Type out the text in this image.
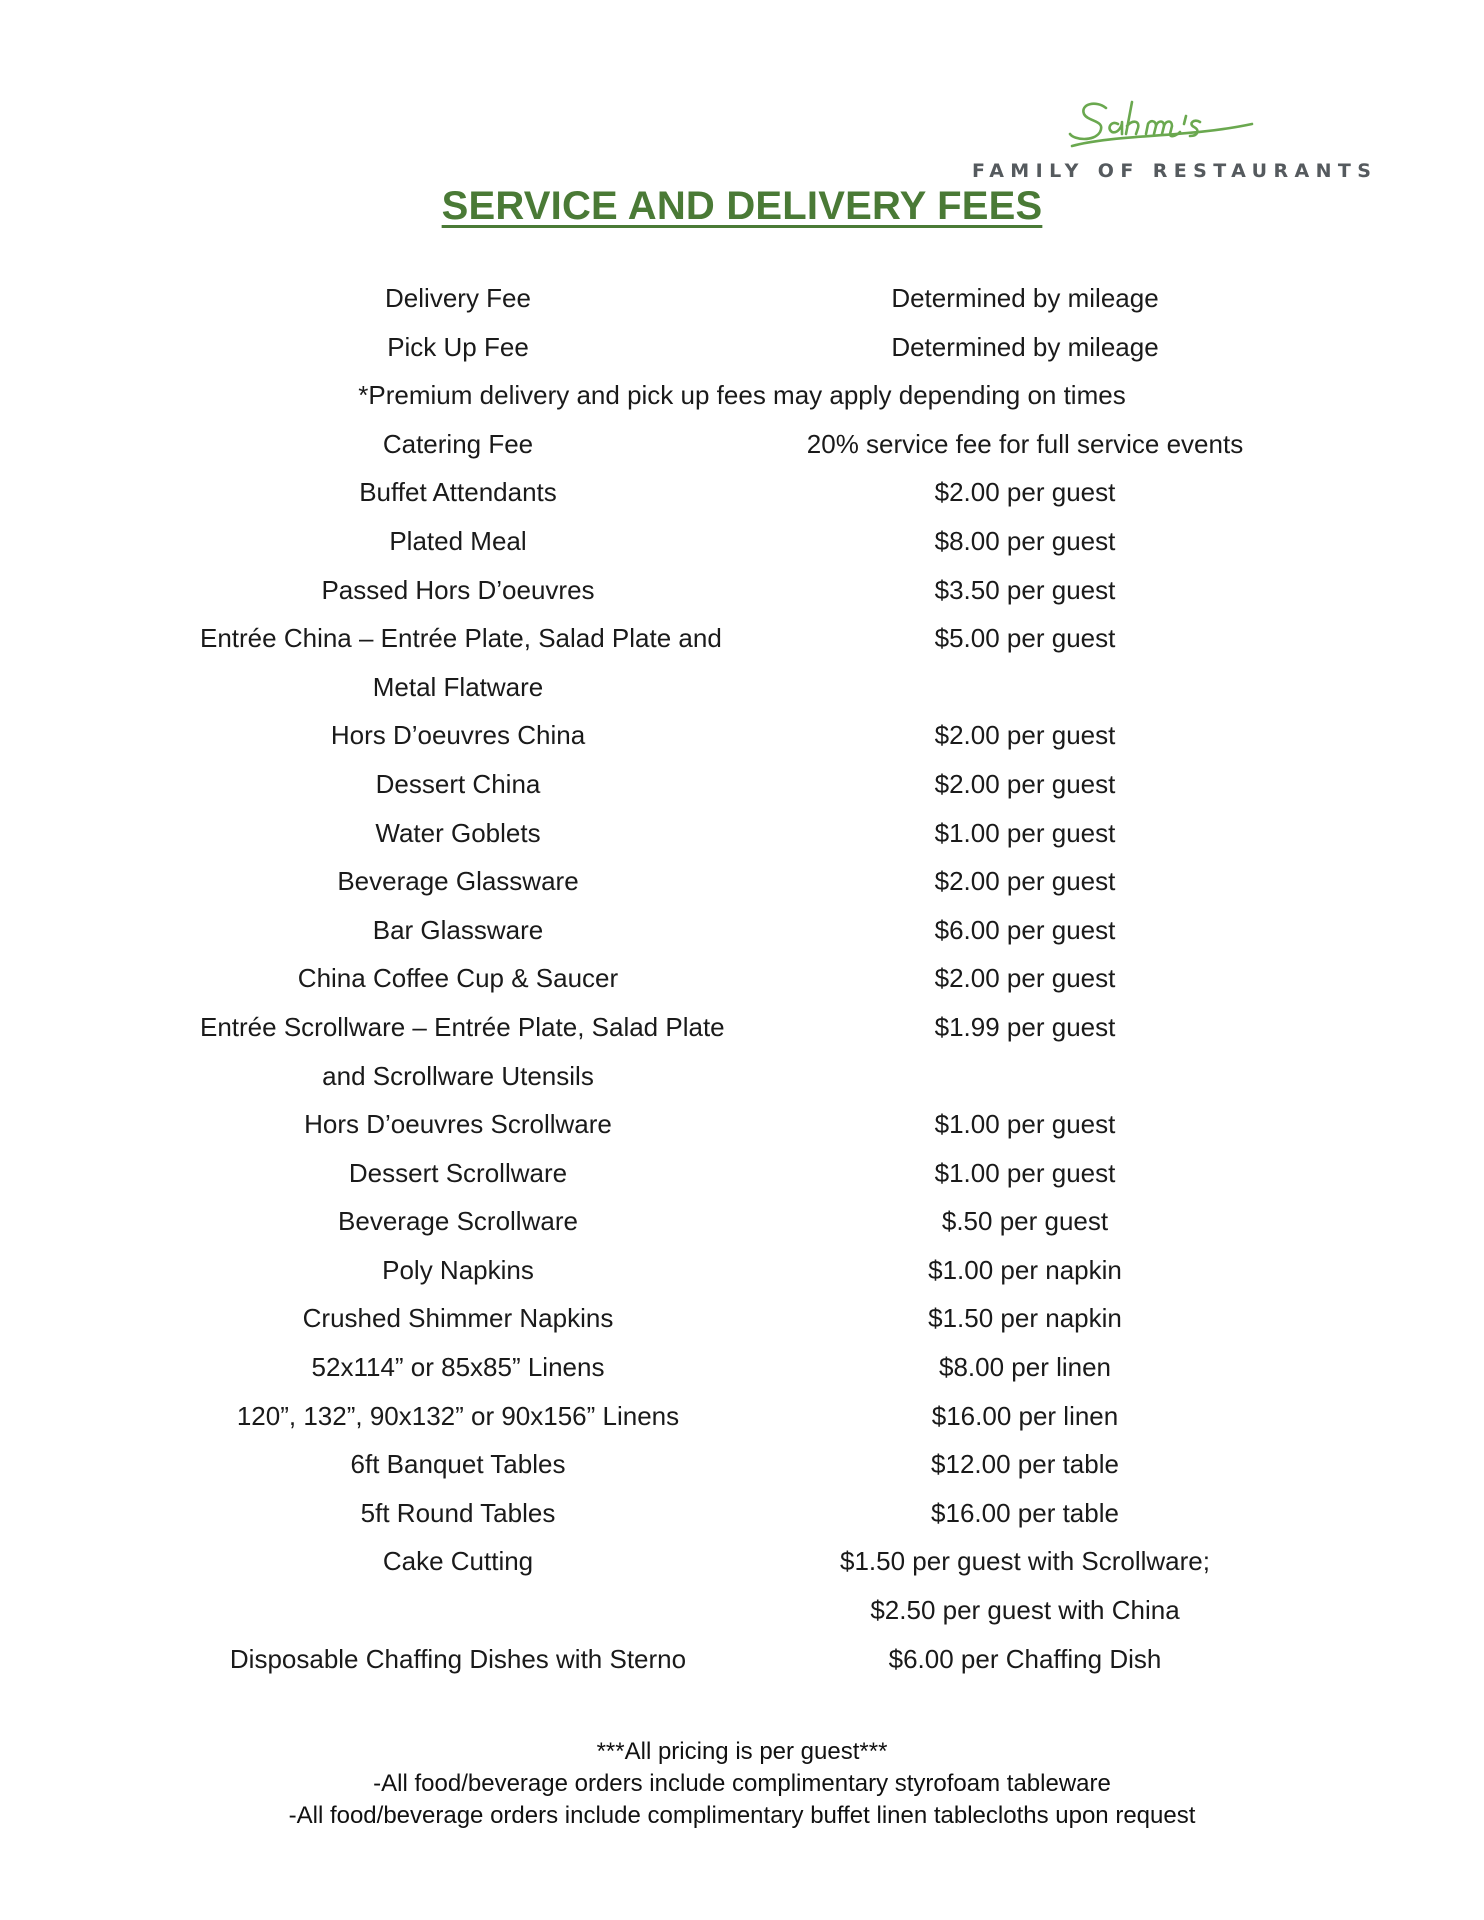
FAMILY OF RESTAURANTS
SERVICE AND DELIVERY FEES
Delivery Fee	Determined by mileage
Pick Up Fee	Determined by mileage
*Premium delivery and pick up fees may apply depending on times
Catering Fee	20% service fee for full service events
Buffet Attendants	$2.00 per guest
Plated Meal	$8.00 per guest
Passed Hors D’oeuvres	$3.50 per guest
Entrée China – Entrée Plate, Salad Plate and	$5.00 per guest
Metal Flatware
Hors D’oeuvres China	$2.00 per guest
Dessert China	$2.00 per guest
Water Goblets	$1.00 per guest
Beverage Glassware	$2.00 per guest
Bar Glassware	$6.00 per guest
China Coffee Cup & Saucer	$2.00 per guest
Entrée Scrollware – Entrée Plate, Salad Plate	$1.99 per guest
and Scrollware Utensils
Hors D’oeuvres Scrollware	$1.00 per guest
Dessert Scrollware	$1.00 per guest
Beverage Scrollware	$.50 per guest
Poly Napkins	$1.00 per napkin
Crushed Shimmer Napkins	$1.50 per napkin
52x114” or 85x85” Linens	$8.00 per linen
120”, 132”, 90x132” or 90x156” Linens	$16.00 per linen
6ft Banquet Tables	$12.00 per table
5ft Round Tables	$16.00 per table
Cake Cutting	$1.50 per guest with Scrollware;
$2.50 per guest with China
Disposable Chaffing Dishes with Sterno	$6.00 per Chaffing Dish
***All pricing is per guest***
-All food/beverage orders include complimentary styrofoam tableware
-All food/beverage orders include complimentary buffet linen tablecloths upon request
